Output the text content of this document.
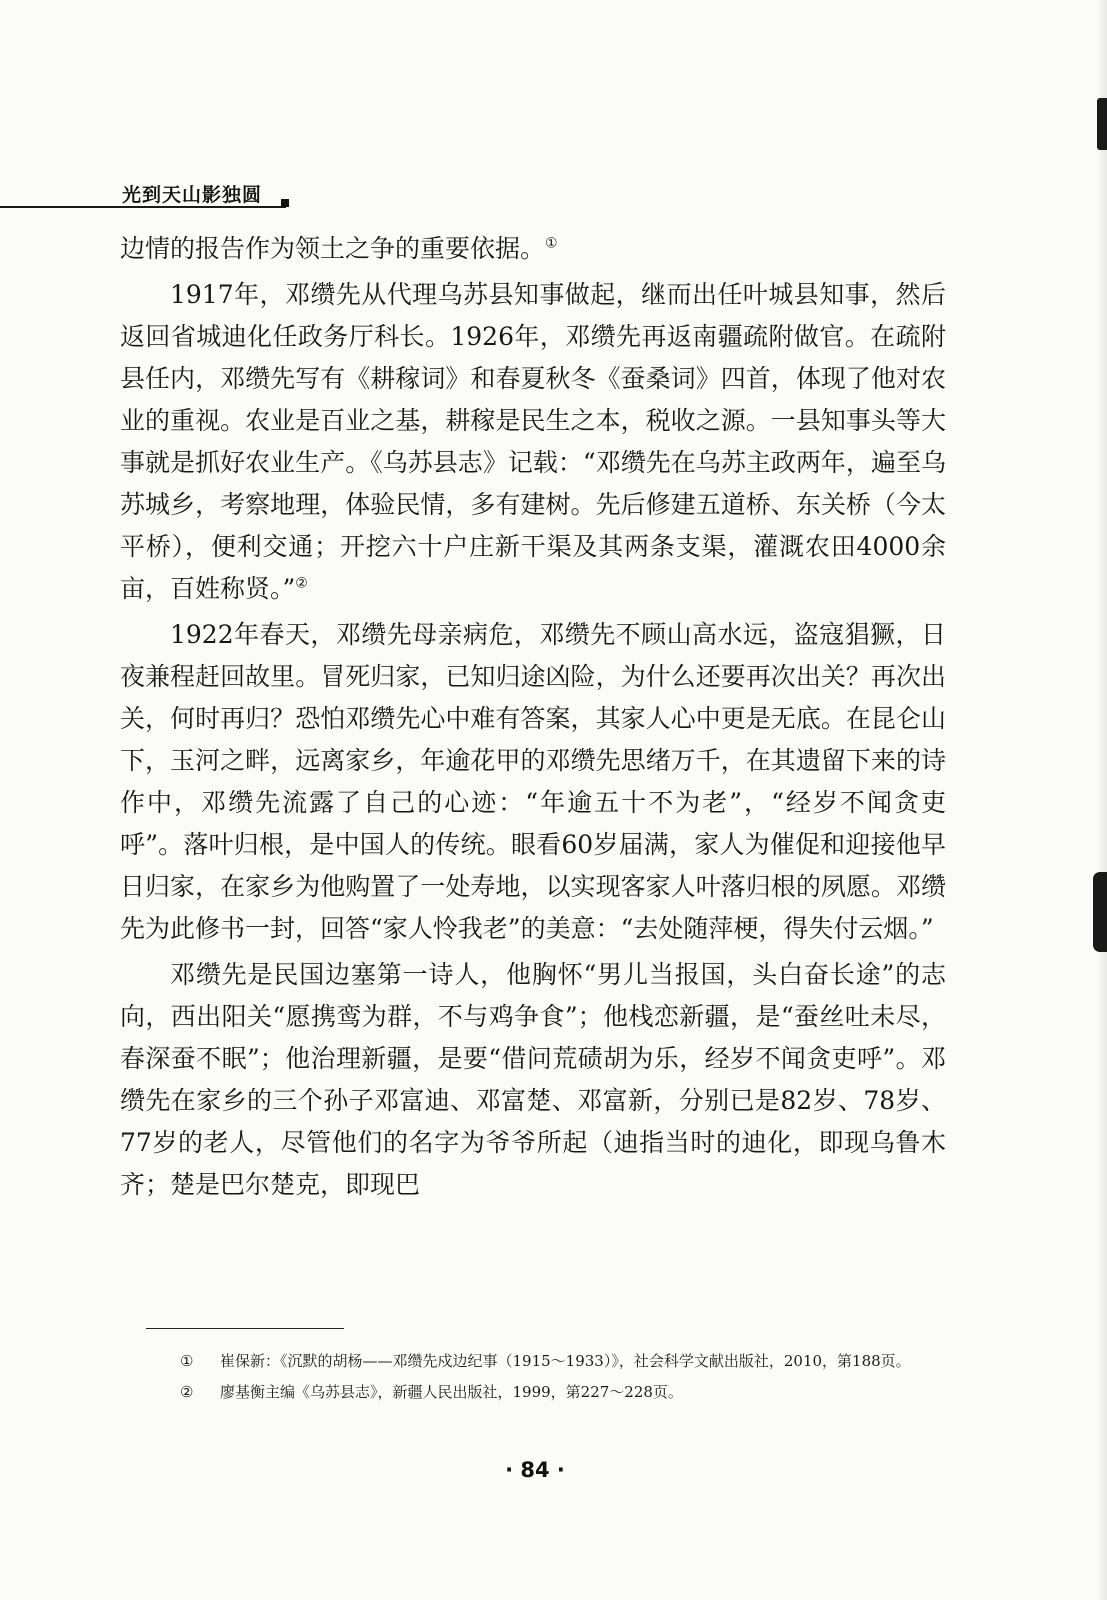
光到天山影独圆

边情的报告作为领土之争的重要依据。①

1917年，邓缵先从代理乌苏县知事做起，继而出任叶城县知事，然后返回省城迪化任政务厅科长。1926年，邓缵先再返南疆疏附做官。在疏附县任内，邓缵先写有《耕稼词》和春夏秋冬《蚕桑词》四首，体现了他对农业的重视。农业是百业之基，耕稼是民生之本，税收之源。一县知事头等大事就是抓好农业生产。《乌苏县志》记载：“邓缵先在乌苏主政两年，遍至乌苏城乡，考察地理，体验民情，多有建树。先后修建五道桥、东关桥（今太平桥），便利交通；开挖六十户庄新干渠及其两条支渠，灌溉农田4000余亩，百姓称贤。”②

1922年春天，邓缵先母亲病危，邓缵先不顾山高水远，盗寇猖獗，日夜兼程赶回故里。冒死归家，已知归途凶险，为什么还要再次出关？再次出关，何时再归？恐怕邓缵先心中难有答案，其家人心中更是无底。在昆仑山下，玉河之畔，远离家乡，年逾花甲的邓缵先思绪万千，在其遗留下来的诗作中，邓缵先流露了自己的心迹：“年逾五十不为老”，“经岁不闻贪吏呼”。落叶归根，是中国人的传统。眼看60岁届满，家人为催促和迎接他早日归家，在家乡为他购置了一处寿地，以实现客家人叶落归根的夙愿。邓缵先为此修书一封，回答“家人怜我老”的美意：“去处随萍梗，得失付云烟。”

邓缵先是民国边塞第一诗人，他胸怀“男儿当报国，头白奋长途”的志向，西出阳关“愿携鸾为群，不与鸡争食”；他栈恋新疆，是“蚕丝吐未尽，春深蚕不眠”；他治理新疆，是要“借问荒碛胡为乐，经岁不闻贪吏呼”。邓缵先在家乡的三个孙子邓富迪、邓富楚、邓富新，分别已是82岁、78岁、77岁的老人，尽管他们的名字为爷爷所起（迪指当时的迪化，即现乌鲁木齐；楚是巴尔楚克，即现巴

① 崔保新：《沉默的胡杨——邓缵先戍边纪事（1915～1933）》，社会科学文献出版社，2010，第188页。
② 廖基衡主编《乌苏县志》，新疆人民出版社，1999，第227～228页。
· 84 ·
